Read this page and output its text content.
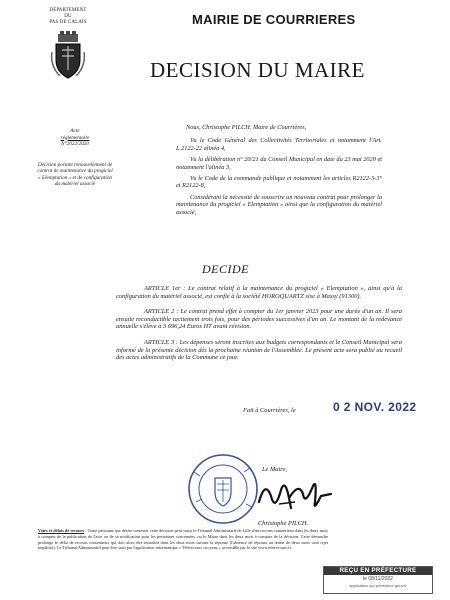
DÉPARTEMENT
DU
PAS DE CALAIS	MAIRIE DE COURRIERES
DECISION DU MAIRE
Acte
réglementaire
N°2022/2020
Décision portant renouvellement de contrat de maintenance du progiciel « Elemptation » et de configuration du matériel associé

Nous, Christophe PILCH, Maire de Courrières,

Vu le Code Général des Collectivités Territoriales et notamment l'Art. L.2122-22 alinéa 4,

Vu la délibération n° 20/21 du Conseil Municipal en date du 23 mai 2020 et notamment l'alinéa 3,

Vu le Code de la commande publique et notamment les articles R2122-3-3° et R2122-8,

Considérant la nécessité de souscrire un nouveau contrat pour prolonger la maintenance du progiciel « Elemptation » ainsi que la configuration du matériel associé,

DECIDE

ARTICLE 1er : Le contrat relatif à la maintenance du progiciel « Elemptation », ainsi qu'à la configuration du matériel associé, est confié à la société HOROQUARTZ sise à Massy (91300).

ARTICLE 2 : Le contrat prend effet à compter du 1er janvier 2023 pour une durée d'un an. Il sera ensuite reconductible tacitement trois fois, pour des périodes successives d'un an. Le montant de la redevance annuelle s'élève à 3 696,24 Euros HT avant révision.

ARTICLE 3 : Les dépenses seront inscrites aux budgets correspondants et le Conseil Municipal sera informé de la présente décision dès la prochaine réunion de l'Assemblée. Le présent acte sera publié au recueil des actes administratifs de la Commune ce jour.

Fait à Courrières, le	0 2 NOV. 2022
Le Maire,
Christophe PILCH.
Voies et délais de recours : Toute personne qui désire contester cette décision peut saisir le Tribunal Administratif de Lille d'un recours contentieux dans les deux mois à compter de la publication de l'acte ou de sa notification pour les personnes concernées, ou le Maire dans les deux mois à compter de la décision. Cette démarche prolonge le délai de recours contentieux qui doit alors être introduit dans les deux mois suivant la réponse (l'absence de réponse au terme de deux mois vaut rejet implicite). Le Tribunal Administratif peut être saisi par l'application informatique « Télérecours citoyens » accessible par le site www.telerecours.fr.
REÇU EN PRÉFECTURE
le 08/11/2022
application.spl.prefecture.gouv.fr
